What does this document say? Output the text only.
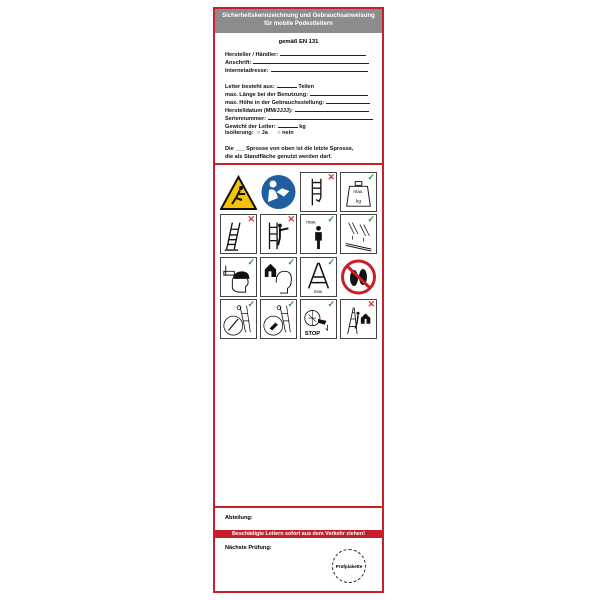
Sicherheitskennzeichnung und Gebrauchsanweisung
für mobile Podestleitern
gemäß EN 131
Hersteller / Händler:
Anschrift:
Internetadresse:
Leiter besteht aus:	Teilen
max. Länge bei der Benutzung:
max. Höhe in der Gebrauchsstellung:
Herstelldatum (MM/JJJJ):
Seriennummer:
Gewicht der Leiter:	kg
Isolierung: ○ Ja ○ nein
Die ___ Sprosse von oben ist die letzte Sprosse,
die als Standfläche genutzt werden darf.
✕
max.
kg
✓
✕	✕ max. ✓	✓
✓	✓
max.
✓
✓	✓
STOP
✓	✕
Abteilung:
Beschädigte Leitern sofort aus dem Verkehr ziehen!
Nächste Prüfung:
Prüfplakette
